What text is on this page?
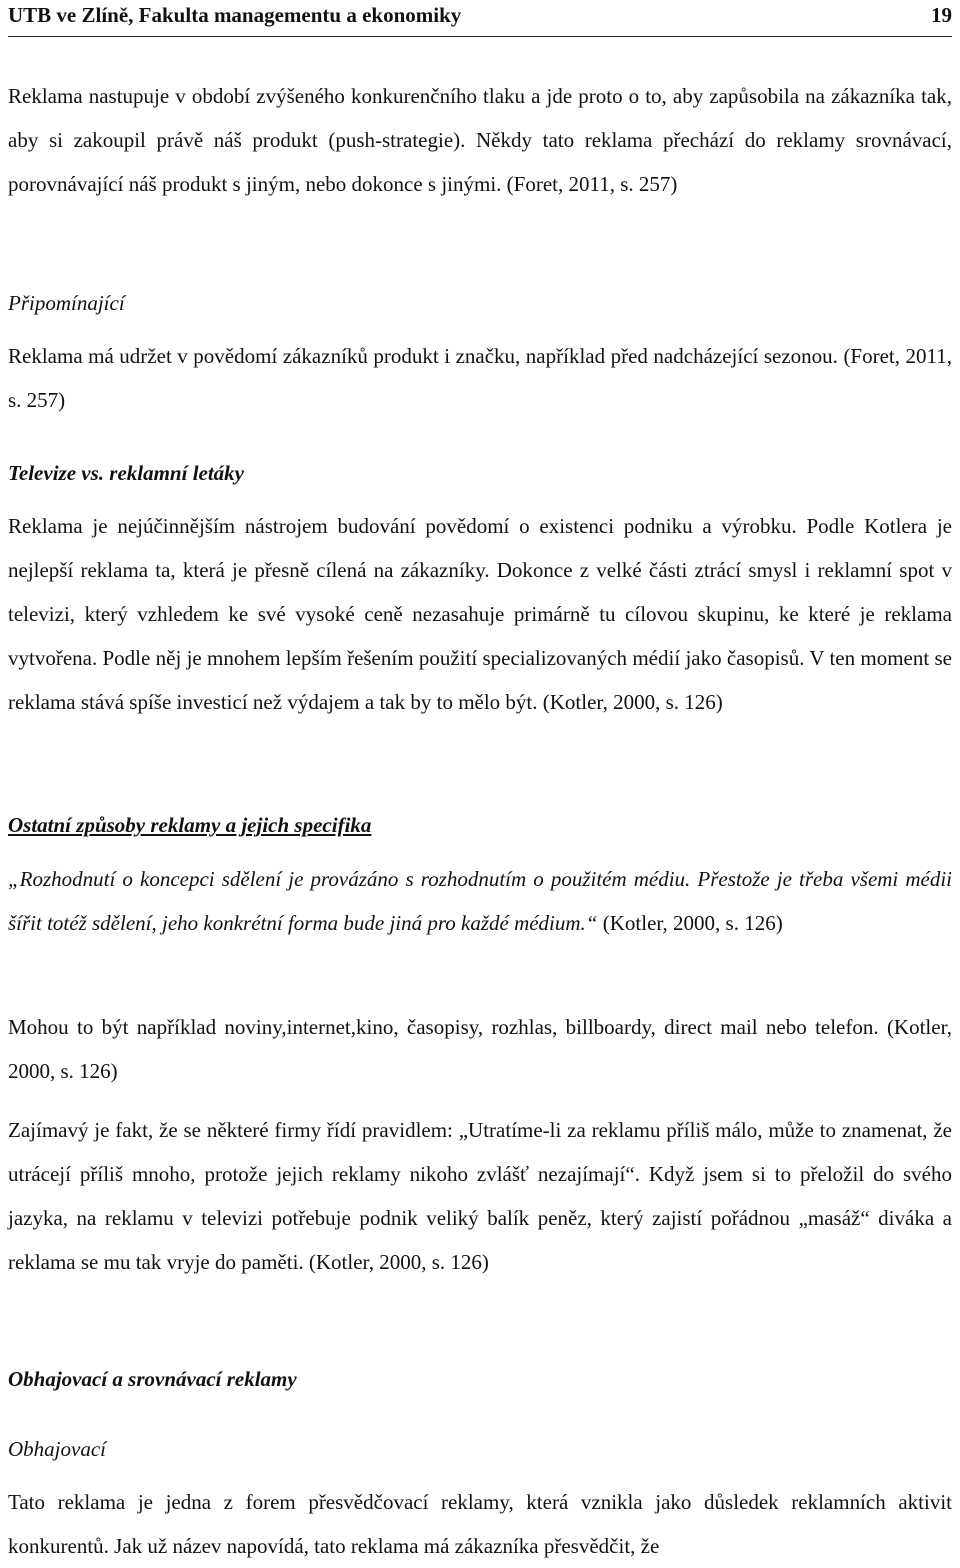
UTB ve Zlíně, Fakulta managementu a ekonomiky	19

Reklama nastupuje v období zvýšeného konkurenčního tlaku a jde proto o to, aby zapůsobila na zákazníka tak, aby si zakoupil právě náš produkt (push-strategie). Někdy tato reklama přechází do reklamy srovnávací, porovnávající náš produkt s jiným, nebo dokonce s jinými. (Foret, 2011, s. 257)

Připomínající

Reklama má udržet v povědomí zákazníků produkt i značku, například před nadcházející sezonou. (Foret, 2011, s. 257)

Televize vs. reklamní letáky

Reklama je nejúčinnějším nástrojem budování povědomí o existenci podniku a výrobku. Podle Kotlera je nejlepší reklama ta, která je přesně cílená na zákazníky. Dokonce z velké části ztrácí smysl i reklamní spot v televizi, který vzhledem ke své vysoké ceně nezasahuje primárně tu cílovou skupinu, ke které je reklama vytvořena. Podle něj je mnohem lepším řešením použití specializovaných médií jako časopisů. V ten moment se reklama stává spíše investicí než výdajem a tak by to mělo být. (Kotler, 2000, s. 126)

Ostatní způsoby reklamy a jejich specifika

„Rozhodnutí o koncepci sdělení je provázáno s rozhodnutím o použitém médiu. Přestože je třeba všemi médii šířit totéž sdělení, jeho konkrétní forma bude jiná pro každé médium.“ (Kotler, 2000, s. 126)

Mohou to být například noviny,internet,kino, časopisy, rozhlas, billboardy, direct mail nebo telefon. (Kotler, 2000, s. 126)

Zajímavý je fakt, že se některé firmy řídí pravidlem: „Utratíme-li za reklamu příliš málo, může to znamenat, že utrácejí příliš mnoho, protože jejich reklamy nikoho zvlášť nezajímají“. Když jsem si to přeložil do svého jazyka, na reklamu v televizi potřebuje podnik veliký balík peněz, který zajistí pořádnou „masáž“ diváka a reklama se mu tak vryje do paměti. (Kotler, 2000, s. 126)

Obhajovací a srovnávací reklamy
Obhajovací

Tato reklama je jedna z forem přesvědčovací reklamy, která vznikla jako důsledek reklamních aktivit konkurentů. Jak už název napovídá, tato reklama má zákazníka přesvědčit, že
